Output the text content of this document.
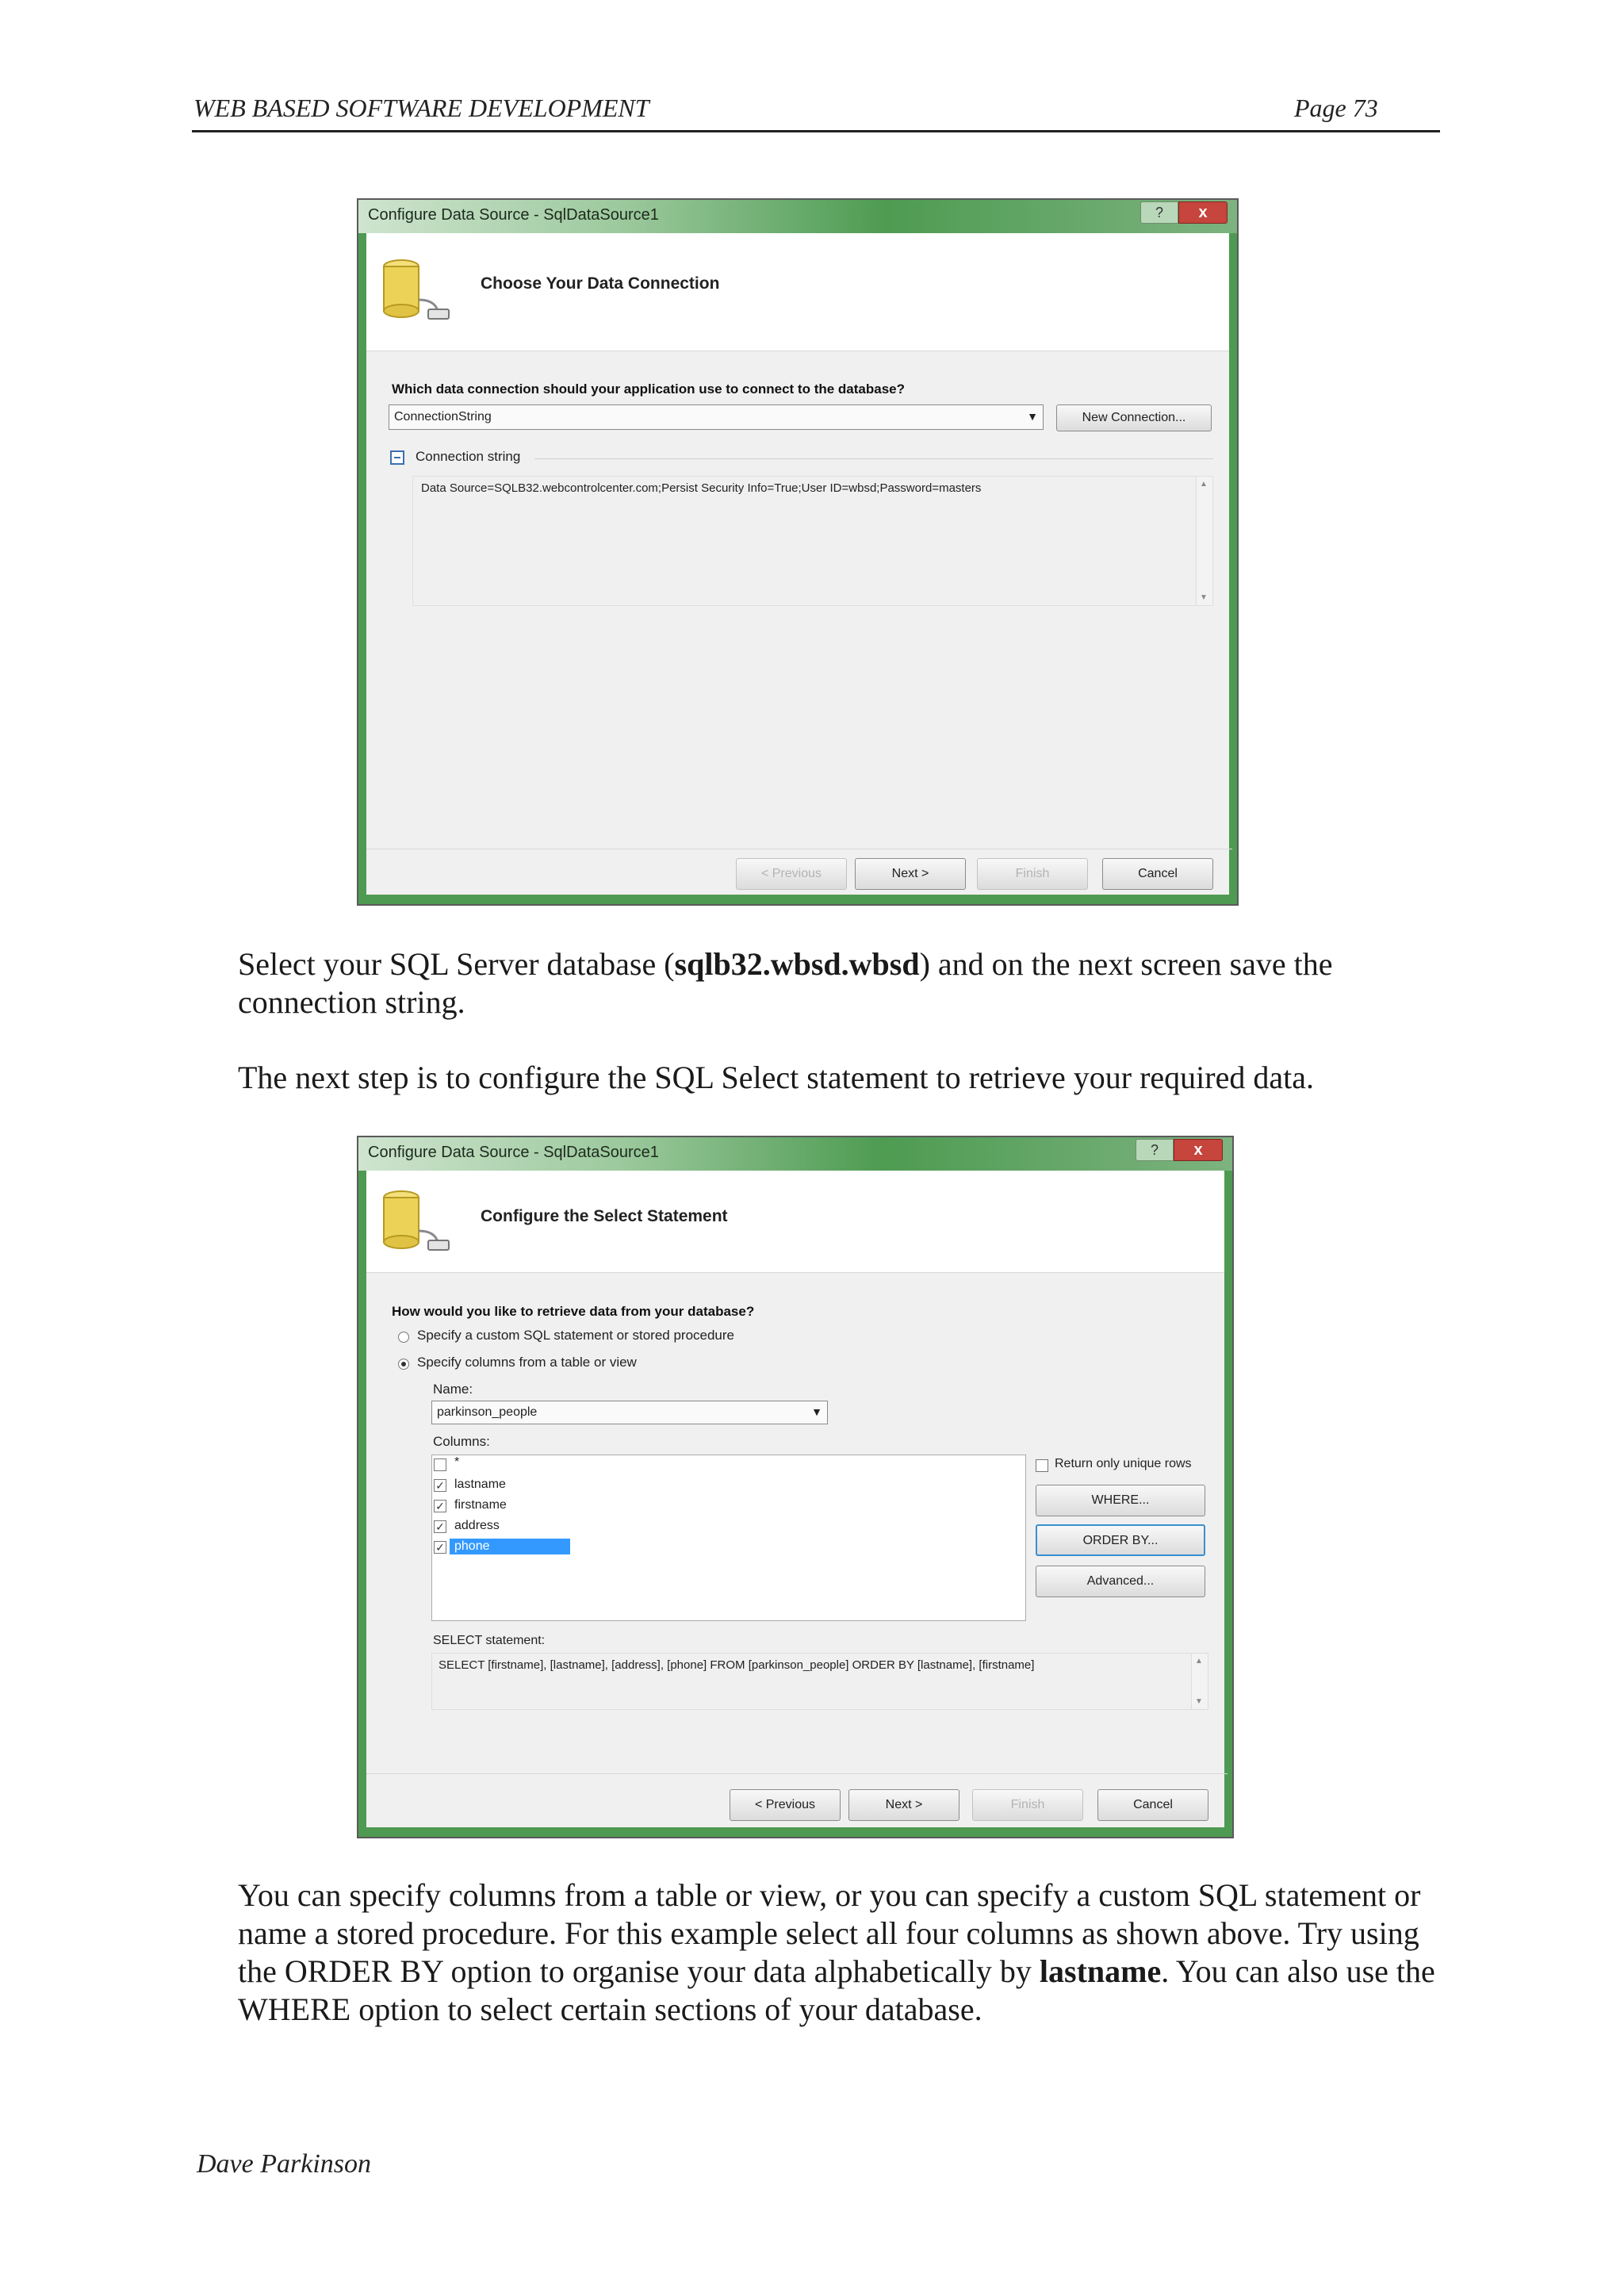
WEB BASED SOFTWARE DEVELOPMENT	Page 73
Configure Data Source - SqlDataSource1	?	x
Choose Your Data Connection
Which data connection should your application use to connect to the database?
ConnectionString	▼	New Connection...
Connection string
Data Source=SQLB32.webcontrolcenter.com;Persist Security Info=True;User ID=wbsd;Password=masters	▲
▼
< Previous	Next >	Finish	Cancel
Select your SQL Server database (sqlb32.wbsd.wbsd) and on the next screen save the connection string.
The next step is to configure the SQL Select statement to retrieve your required data.
Configure Data Source - SqlDataSource1	?	x
Configure the Select Statement
How would you like to retrieve data from your database?
Specify a custom SQL statement or stored procedure
Specify columns from a table or view
Name:
parkinson_people	▼
Columns:
*
✓ lastname
✓ firstname
✓ address
✓ phone
Return only unique rows
WHERE...
ORDER BY...
Advanced...
SELECT statement:
SELECT [firstname], [lastname], [address], [phone] FROM [parkinson_people] ORDER BY [lastname], [firstname]	▲
▼
< Previous	Next >	Finish	Cancel
You can specify columns from a table or view, or you can specify a custom SQL statement or name a stored procedure. For this example select all four columns as shown above. Try using the ORDER BY option to organise your data alphabetically by lastname. You can also use the WHERE option to select certain sections of your database.
Dave Parkinson
